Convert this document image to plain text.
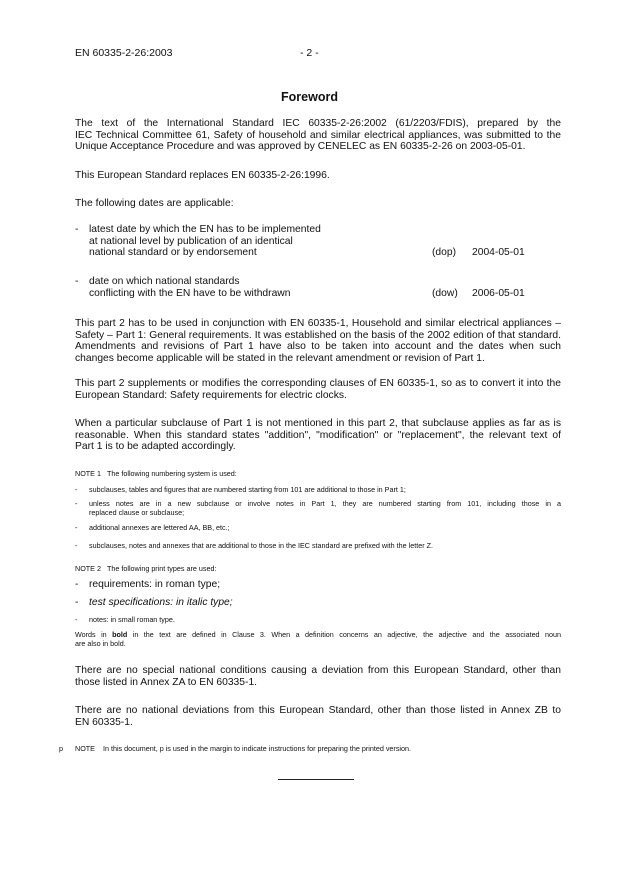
EN 60335-2-26:2003	- 2 -
Foreword
The text of the International Standard IEC 60335-2-26:2002 (61/2203/FDIS), prepared by the
IEC Technical Committee 61, Safety of household and similar electrical appliances, was submitted to the
Unique Acceptance Procedure and was approved by CENELEC as EN 60335-2-26 on 2003-05-01.
This European Standard replaces EN 60335-2-26:1996.
The following dates are applicable:
- latest date by which the EN has to be implemented
at national level by publication of an identical
national standard or by endorsement	(dop) 2004-05-01
- date on which national standards
conflicting with the EN have to be withdrawn	(dow) 2006-05-01
This part 2 has to be used in conjunction with EN 60335-1, Household and similar electrical appliances –
Safety – Part 1: General requirements. It was established on the basis of the 2002 edition of that standard.
Amendments and revisions of Part 1 have also to be taken into account and the dates when such
changes become applicable will be stated in the relevant amendment or revision of Part 1.
This part 2 supplements or modifies the corresponding clauses of EN 60335-1, so as to convert it into the
European Standard: Safety requirements for electric clocks.
When a particular subclause of Part 1 is not mentioned in this part 2, that subclause applies as far as is
reasonable. When this standard states "addition", "modification" or "replacement", the relevant text of
Part 1 is to be adapted accordingly.
NOTE 1 The following numbering system is used:
- subclauses, tables and figures that are numbered starting from 101 are additional to those in Part 1;
- unless notes are in a new subclause or involve notes in Part 1, they are numbered starting from 101, including those in a
replaced clause or subclause;
- additional annexes are lettered AA, BB, etc.;
- subclauses, notes and annexes that are additional to those in the IEC standard are prefixed with the letter Z.
NOTE 2 The following print types are used:
- requirements: in roman type;
- test specifications: in italic type;
- notes: in small roman type.
Words in bold in the text are defined in Clause 3. When a definition concerns an adjective, the adjective and the associated noun
are also in bold.
There are no special national conditions causing a deviation from this European Standard, other than
those listed in Annex ZA to EN 60335-1.
There are no national deviations from this European Standard, other than those listed in Annex ZB to
EN 60335-1.
p	NOTE In this document, p is used in the margin to indicate instructions for preparing the printed version.
